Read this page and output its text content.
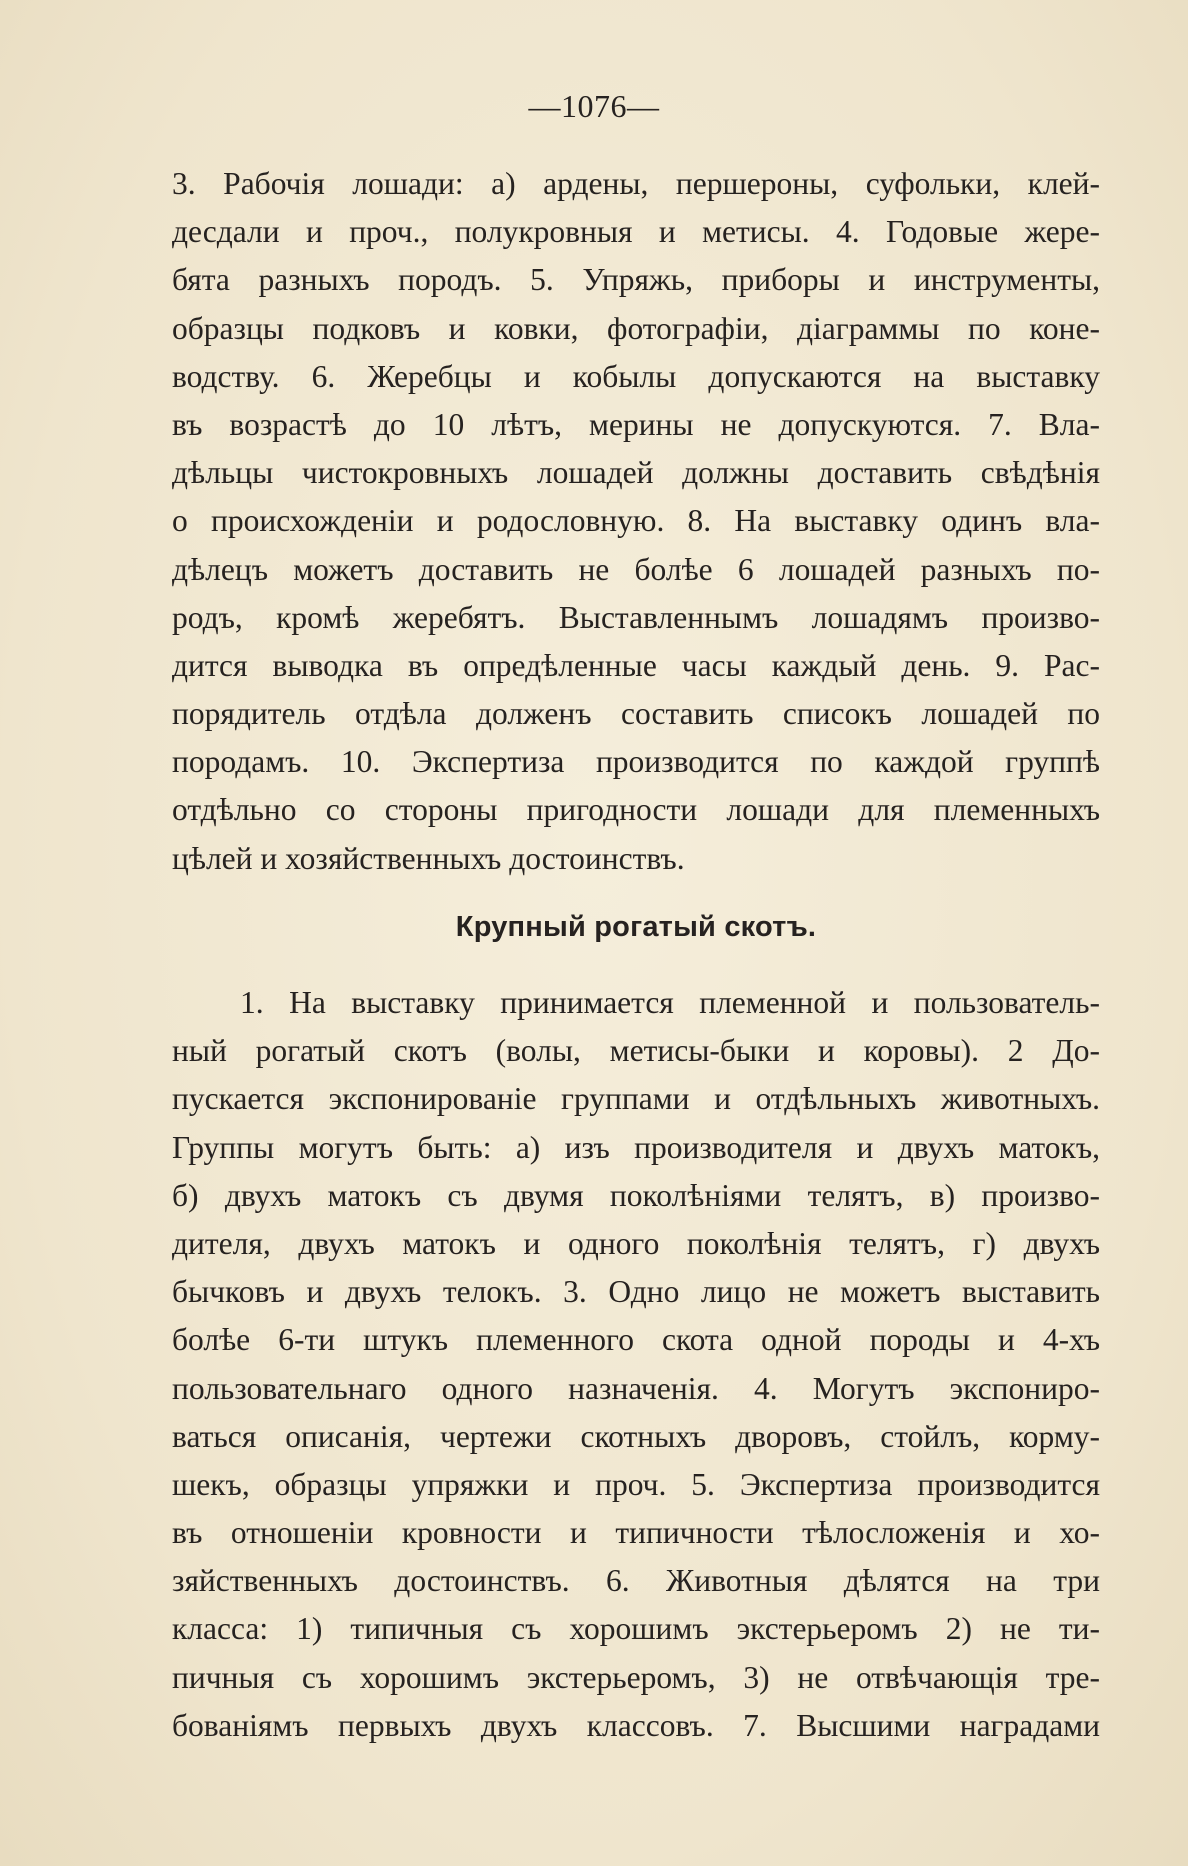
—1076—
3. Рабочія лошади: а) ардены, першероны, суфольки, клей-
десдали и проч., полукровныя и метисы. 4. Годовые жере-
бята разныхъ породъ. 5. Упряжь, приборы и инструменты,
образцы подковъ и ковки, фотографіи, діаграммы по коне-
водству. 6. Жеребцы и кобылы допускаются на выставку
въ возрастѣ до 10 лѣтъ, мерины не допускуются. 7. Вла-
дѣльцы чистокровныхъ лошадей должны доставить свѣдѣнія
о происхожденіи и родословную. 8. На выставку одинъ вла-
дѣлецъ можетъ доставить не болѣе 6 лошадей разныхъ по-
родъ, кромѣ жеребятъ. Выставленнымъ лошадямъ произво-
дится выводка въ опредѣленные часы каждый день. 9. Рас-
порядитель отдѣла долженъ составить списокъ лошадей по
породамъ. 10. Экспертиза производится по каждой группѣ
отдѣльно со стороны пригодности лошади для племенныхъ
цѣлей и хозяйственныхъ достоинствъ.
Крупный рогатый скотъ.
1. На выставку принимается племенной и пользователь-
ный рогатый скотъ (волы, метисы-быки и коровы). 2 До-
пускается экспонированіе группами и отдѣльныхъ животныхъ.
Группы могутъ быть: а) изъ производителя и двухъ матокъ,
б) двухъ матокъ съ двумя поколѣніями телятъ, в) произво-
дителя, двухъ матокъ и одного поколѣнія телятъ, г) двухъ
бычковъ и двухъ телокъ. 3. Одно лицо не можетъ выставить
болѣе 6-ти штукъ племенного скота одной породы и 4-хъ
пользовательнаго одного назначенія. 4. Могутъ экспониро-
ваться описанія, чертежи скотныхъ дворовъ, стойлъ, корму-
шекъ, образцы упряжки и проч. 5. Экспертиза производится
въ отношеніи кровности и типичности тѣлосложенія и хо-
зяйственныхъ достоинствъ. 6. Животныя дѣлятся на три
класса: 1) типичныя съ хорошимъ экстерьеромъ 2) не ти-
пичныя съ хорошимъ экстерьеромъ, 3) не отвѣчающія тре-
бованіямъ первыхъ двухъ классовъ. 7. Высшими наградами
